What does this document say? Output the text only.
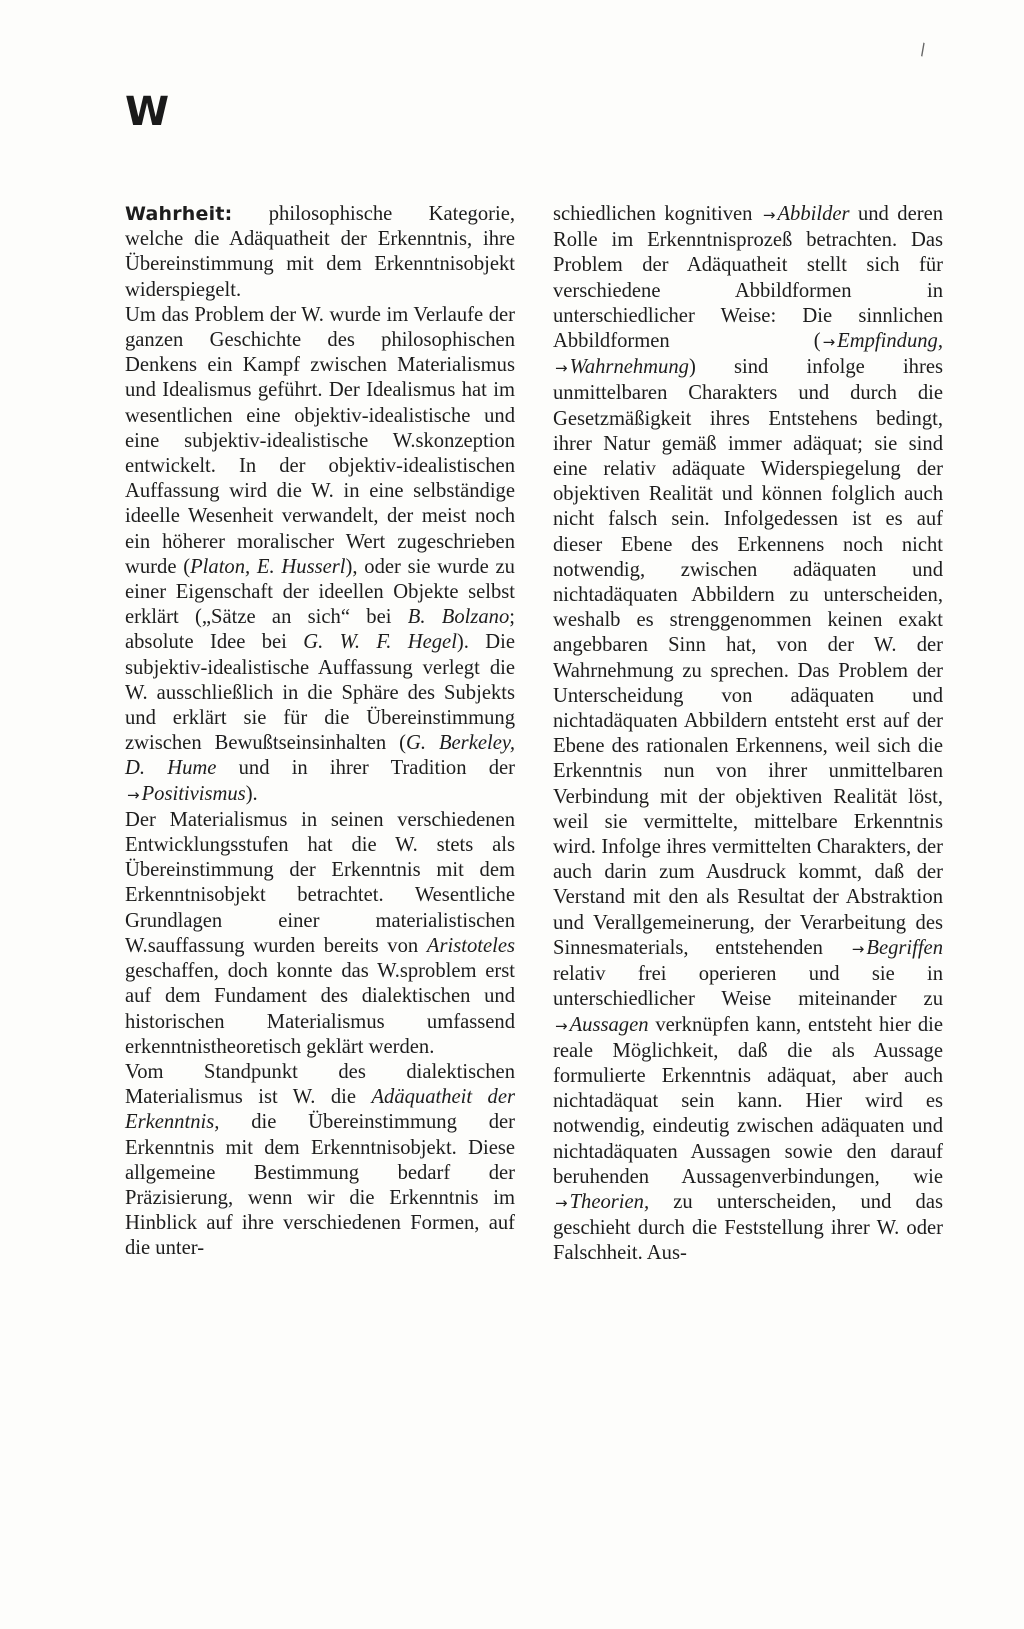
\
W

Wahrheit: philosophische Kategorie, welche die Adäquatheit der Erkenntnis, ihre Übereinstimmung mit dem Erkenntnisobjekt widerspiegelt.

Um das Problem der W. wurde im Verlaufe der ganzen Geschichte des philosophischen Denkens ein Kampf zwischen Materialismus und Idealismus geführt. Der Idealismus hat im wesentlichen eine objektiv-idealistische und eine subjektiv-idealistische W.skonzeption entwickelt. In der objektiv-idealistischen Auffassung wird die W. in eine selbständige ideelle Wesenheit verwandelt, der meist noch ein höherer moralischer Wert zugeschrieben wurde (Platon, E. Husserl), oder sie wurde zu einer Eigenschaft der ideellen Objekte selbst erklärt („Sätze an sich“ bei B. Bolzano; absolute Idee bei G. W. F. Hegel). Die subjektiv-idealistische Auffassung verlegt die W. ausschließlich in die Sphäre des Subjekts und erklärt sie für die Übereinstimmung zwischen Bewußtseinsinhalten (G. Berkeley, D. Hume und in ihrer Tradition der →Positivismus).

Der Materialismus in seinen verschiedenen Entwicklungsstufen hat die W. stets als Übereinstimmung der Erkenntnis mit dem Erkenntnisobjekt betrachtet. Wesentliche Grundlagen einer materialistischen W.sauffassung wurden bereits von Aristoteles geschaffen, doch konnte das W.sproblem erst auf dem Fundament des dialektischen und historischen Materialismus umfassend erkenntnistheoretisch geklärt werden.

Vom Standpunkt des dialektischen Materialismus ist W. die Adäquatheit der Erkenntnis, die Übereinstimmung der Erkenntnis mit dem Erkenntnisobjekt. Diese allgemeine Bestimmung bedarf der Präzisierung, wenn wir die Erkenntnis im Hinblick auf ihre verschiedenen Formen, auf die unter-

schiedlichen kognitiven →Abbilder und deren Rolle im Erkenntnisprozeß betrachten. Das Problem der Adäquatheit stellt sich für verschiedene Abbildformen in unterschiedlicher Weise: Die sinnlichen Abbildformen ( →Empfindung, →Wahrnehmung) sind infolge ihres unmittelbaren Charakters und durch die Gesetzmäßigkeit ihres Entstehens bedingt, ihrer Natur gemäß immer adäquat; sie sind eine relativ adäquate Widerspiegelung der objektiven Realität und können folglich auch nicht falsch sein. Infolgedessen ist es auf dieser Ebene des Erkennens noch nicht notwendig, zwischen adäquaten und nichtadäquaten Abbildern zu unterscheiden, weshalb es strenggenommen keinen exakt angebbaren Sinn hat, von der W. der Wahrnehmung zu sprechen. Das Problem der Unterscheidung von adäquaten und nichtadäquaten Abbildern entsteht erst auf der Ebene des rationalen Erkennens, weil sich die Erkenntnis nun von ihrer unmittelbaren Verbindung mit der objektiven Realität löst, weil sie vermittelte, mittelbare Erkenntnis wird. Infolge ihres vermittelten Charakters, der auch darin zum Ausdruck kommt, daß der Verstand mit den als Resultat der Abstraktion und Verallgemeinerung, der Verarbeitung des Sinnesmaterials, entstehenden →Begriffen relativ frei operieren und sie in unterschiedlicher Weise miteinander zu →Aussagen verknüpfen kann, entsteht hier die reale Möglichkeit, daß die als Aussage formulierte Erkenntnis adäquat, aber auch nichtadäquat sein kann. Hier wird es notwendig, eindeutig zwischen adäquaten und nichtadäquaten Aussagen sowie den darauf beruhenden Aussagenverbindungen, wie →Theorien, zu unterscheiden, und das geschieht durch die Feststellung ihrer W. oder Falschheit. Aus-
